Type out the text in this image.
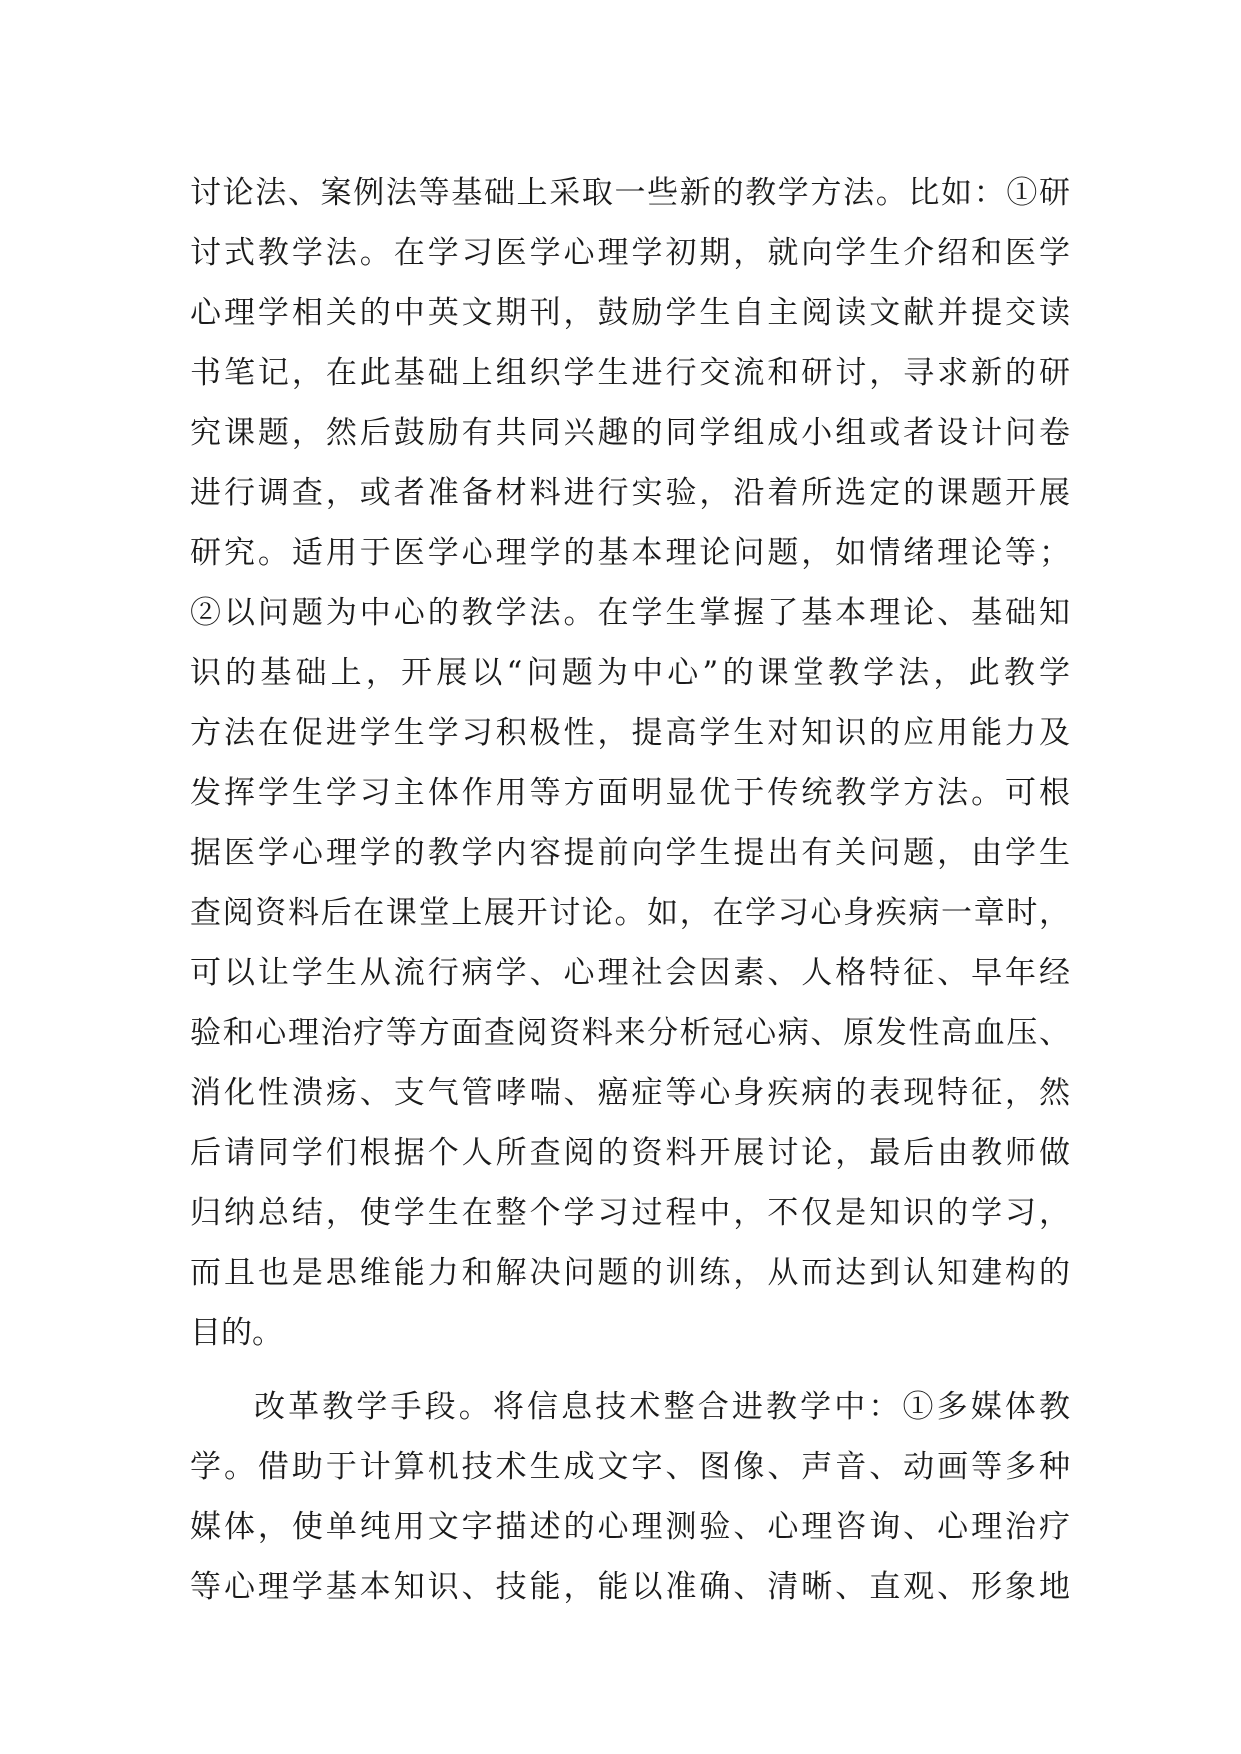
讨论法、案例法等基础上采取一些新的教学方法。比如：①研
讨式教学法。在学习医学心理学初期，就向学生介绍和医学
心理学相关的中英文期刊，鼓励学生自主阅读文献并提交读
书笔记，在此基础上组织学生进行交流和研讨，寻求新的研
究课题，然后鼓励有共同兴趣的同学组成小组或者设计问卷
进行调查，或者准备材料进行实验，沿着所选定的课题开展
研究。适用于医学心理学的基本理论问题，如情绪理论等；
②以问题为中心的教学法。在学生掌握了基本理论、基础知
识的基础上，开展以“问题为中心”的课堂教学法，此教学
方法在促进学生学习积极性，提高学生对知识的应用能力及
发挥学生学习主体作用等方面明显优于传统教学方法。可根
据医学心理学的教学内容提前向学生提出有关问题，由学生
查阅资料后在课堂上展开讨论。如，在学习心身疾病一章时，
可以让学生从流行病学、心理社会因素、人格特征、早年经
验和心理治疗等方面查阅资料来分析冠心病、原发性高血压、
消化性溃疡、支气管哮喘、癌症等心身疾病的表现特征，然
后请同学们根据个人所查阅的资料开展讨论，最后由教师做
归纳总结，使学生在整个学习过程中，不仅是知识的学习，
而且也是思维能力和解决问题的训练，从而达到认知建构的
目的。
改革教学手段。将信息技术整合进教学中：①多媒体教
学。借助于计算机技术生成文字、图像、声音、动画等多种
媒体，使单纯用文字描述的心理测验、心理咨询、心理治疗
等心理学基本知识、技能，能以准确、清晰、直观、形象地
